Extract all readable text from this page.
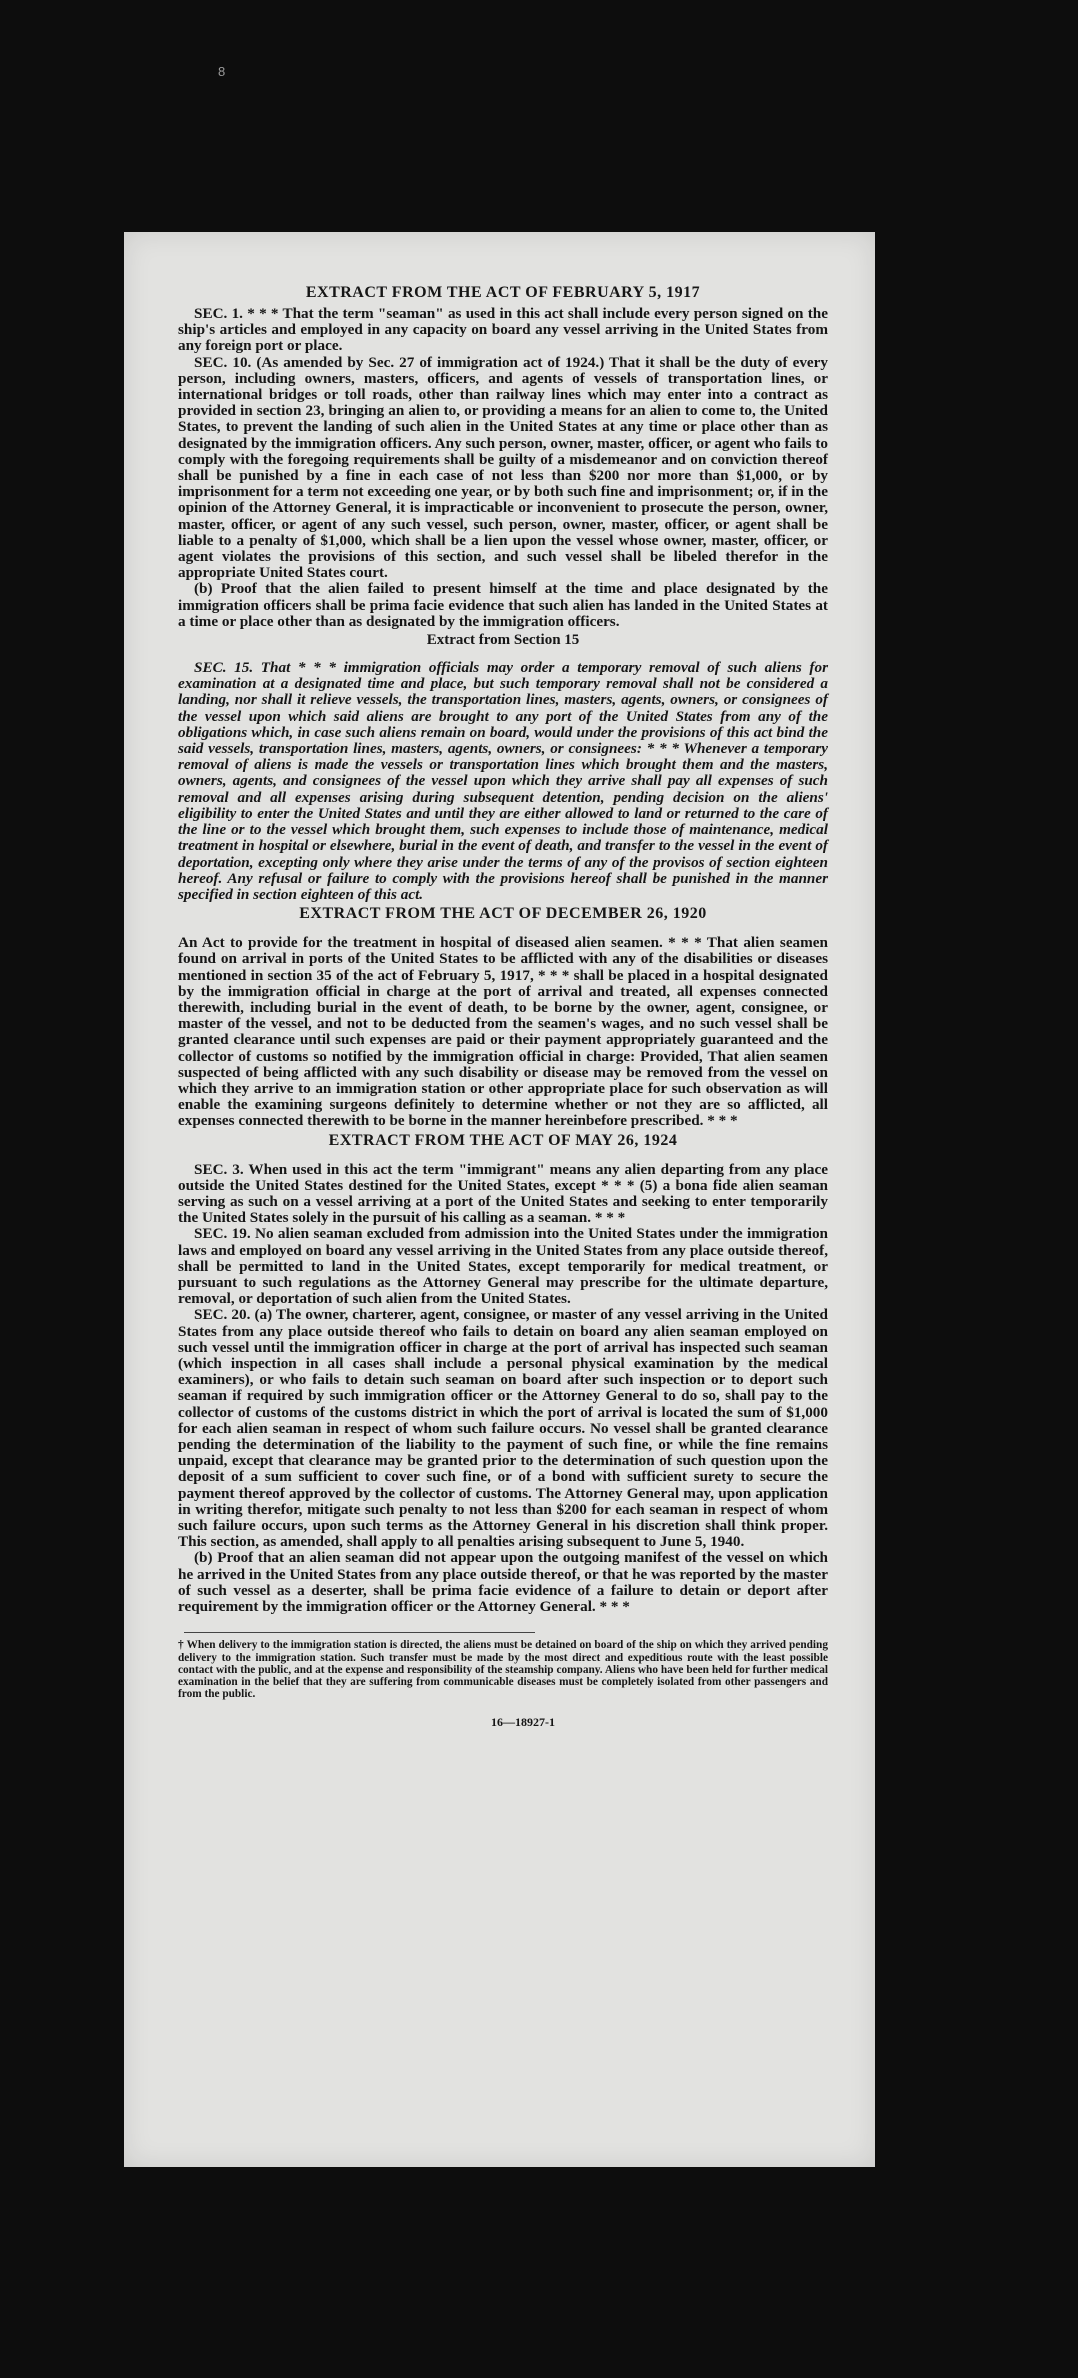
8
EXTRACT FROM THE ACT OF FEBRUARY 5, 1917

SEC. 1. * * * That the term "seaman" as used in this act shall include every person signed on the ship's articles and employed in any capacity on board any vessel arriving in the United States from any foreign port or place.

SEC. 10. (As amended by Sec. 27 of immigration act of 1924.) That it shall be the duty of every person, including owners, masters, officers, and agents of vessels of transportation lines, or international bridges or toll roads, other than railway lines which may enter into a contract as provided in section 23, bringing an alien to, or providing a means for an alien to come to, the United States, to prevent the landing of such alien in the United States at any time or place other than as designated by the immigration officers. Any such person, owner, master, officer, or agent who fails to comply with the foregoing requirements shall be guilty of a misdemeanor and on conviction thereof shall be punished by a fine in each case of not less than $200 nor more than $1,000, or by imprisonment for a term not exceeding one year, or by both such fine and imprisonment; or, if in the opinion of the Attorney General, it is impracticable or inconvenient to prosecute the person, owner, master, officer, or agent of any such vessel, such person, owner, master, officer, or agent shall be liable to a penalty of $1,000, which shall be a lien upon the vessel whose owner, master, officer, or agent violates the provisions of this section, and such vessel shall be libeled therefor in the appropriate United States court.

(b) Proof that the alien failed to present himself at the time and place designated by the immigration officers shall be prima facie evidence that such alien has landed in the United States at a time or place other than as designated by the immigration officers.

Extract from Section 15

SEC. 15. That * * * immigration officials may order a temporary removal of such aliens for examination at a designated time and place, but such temporary removal shall not be considered a landing, nor shall it relieve vessels, the transportation lines, masters, agents, owners, or consignees of the vessel upon which said aliens are brought to any port of the United States from any of the obligations which, in case such aliens remain on board, would under the provisions of this act bind the said vessels, transportation lines, masters, agents, owners, or consignees: * * * Whenever a temporary removal of aliens is made the vessels or transportation lines which brought them and the masters, owners, agents, and consignees of the vessel upon which they arrive shall pay all expenses of such removal and all expenses arising during subsequent detention, pending decision on the aliens' eligibility to enter the United States and until they are either allowed to land or returned to the care of the line or to the vessel which brought them, such expenses to include those of maintenance, medical treatment in hospital or elsewhere, burial in the event of death, and transfer to the vessel in the event of deportation, excepting only where they arise under the terms of any of the provisos of section eighteen hereof. Any refusal or failure to comply with the provisions hereof shall be punished in the manner specified in section eighteen of this act.

EXTRACT FROM THE ACT OF DECEMBER 26, 1920

An Act to provide for the treatment in hospital of diseased alien seamen. * * * That alien seamen found on arrival in ports of the United States to be afflicted with any of the disabilities or diseases mentioned in section 35 of the act of February 5, 1917, * * * shall be placed in a hospital designated by the immigration official in charge at the port of arrival and treated, all expenses connected therewith, including burial in the event of death, to be borne by the owner, agent, consignee, or master of the vessel, and not to be deducted from the seamen's wages, and no such vessel shall be granted clearance until such expenses are paid or their payment appropriately guaranteed and the collector of customs so notified by the immigration official in charge: Provided, That alien seamen suspected of being afflicted with any such disability or disease may be removed from the vessel on which they arrive to an immigration station or other appropriate place for such observation as will enable the examining surgeons definitely to determine whether or not they are so afflicted, all expenses connected therewith to be borne in the manner hereinbefore prescribed. * * *

EXTRACT FROM THE ACT OF MAY 26, 1924

SEC. 3. When used in this act the term "immigrant" means any alien departing from any place outside the United States destined for the United States, except * * * (5) a bona fide alien seaman serving as such on a vessel arriving at a port of the United States and seeking to enter temporarily the United States solely in the pursuit of his calling as a seaman. * * *

SEC. 19. No alien seaman excluded from admission into the United States under the immigration laws and employed on board any vessel arriving in the United States from any place outside thereof, shall be permitted to land in the United States, except temporarily for medical treatment, or pursuant to such regulations as the Attorney General may prescribe for the ultimate departure, removal, or deportation of such alien from the United States.

SEC. 20. (a) The owner, charterer, agent, consignee, or master of any vessel arriving in the United States from any place outside thereof who fails to detain on board any alien seaman employed on such vessel until the immigration officer in charge at the port of arrival has inspected such seaman (which inspection in all cases shall include a personal physical examination by the medical examiners), or who fails to detain such seaman on board after such inspection or to deport such seaman if required by such immigration officer or the Attorney General to do so, shall pay to the collector of customs of the customs district in which the port of arrival is located the sum of $1,000 for each alien seaman in respect of whom such failure occurs. No vessel shall be granted clearance pending the determination of the liability to the payment of such fine, or while the fine remains unpaid, except that clearance may be granted prior to the determination of such question upon the deposit of a sum sufficient to cover such fine, or of a bond with sufficient surety to secure the payment thereof approved by the collector of customs. The Attorney General may, upon application in writing therefor, mitigate such penalty to not less than $200 for each seaman in respect of whom such failure occurs, upon such terms as the Attorney General in his discretion shall think proper. This section, as amended, shall apply to all penalties arising subsequent to June 5, 1940.

(b) Proof that an alien seaman did not appear upon the outgoing manifest of the vessel on which he arrived in the United States from any place outside thereof, or that he was reported by the master of such vessel as a deserter, shall be prima facie evidence of a failure to detain or deport after requirement by the immigration officer or the Attorney General. * * *

† When delivery to the immigration station is directed, the aliens must be detained on board of the ship on which they arrived pending delivery to the immigration station. Such transfer must be made by the most direct and expeditious route with the least possible contact with the public, and at the expense and responsibility of the steamship company. Aliens who have been held for further medical examination in the belief that they are suffering from communicable diseases must be completely isolated from other passengers and from the public.

16—18927-1
